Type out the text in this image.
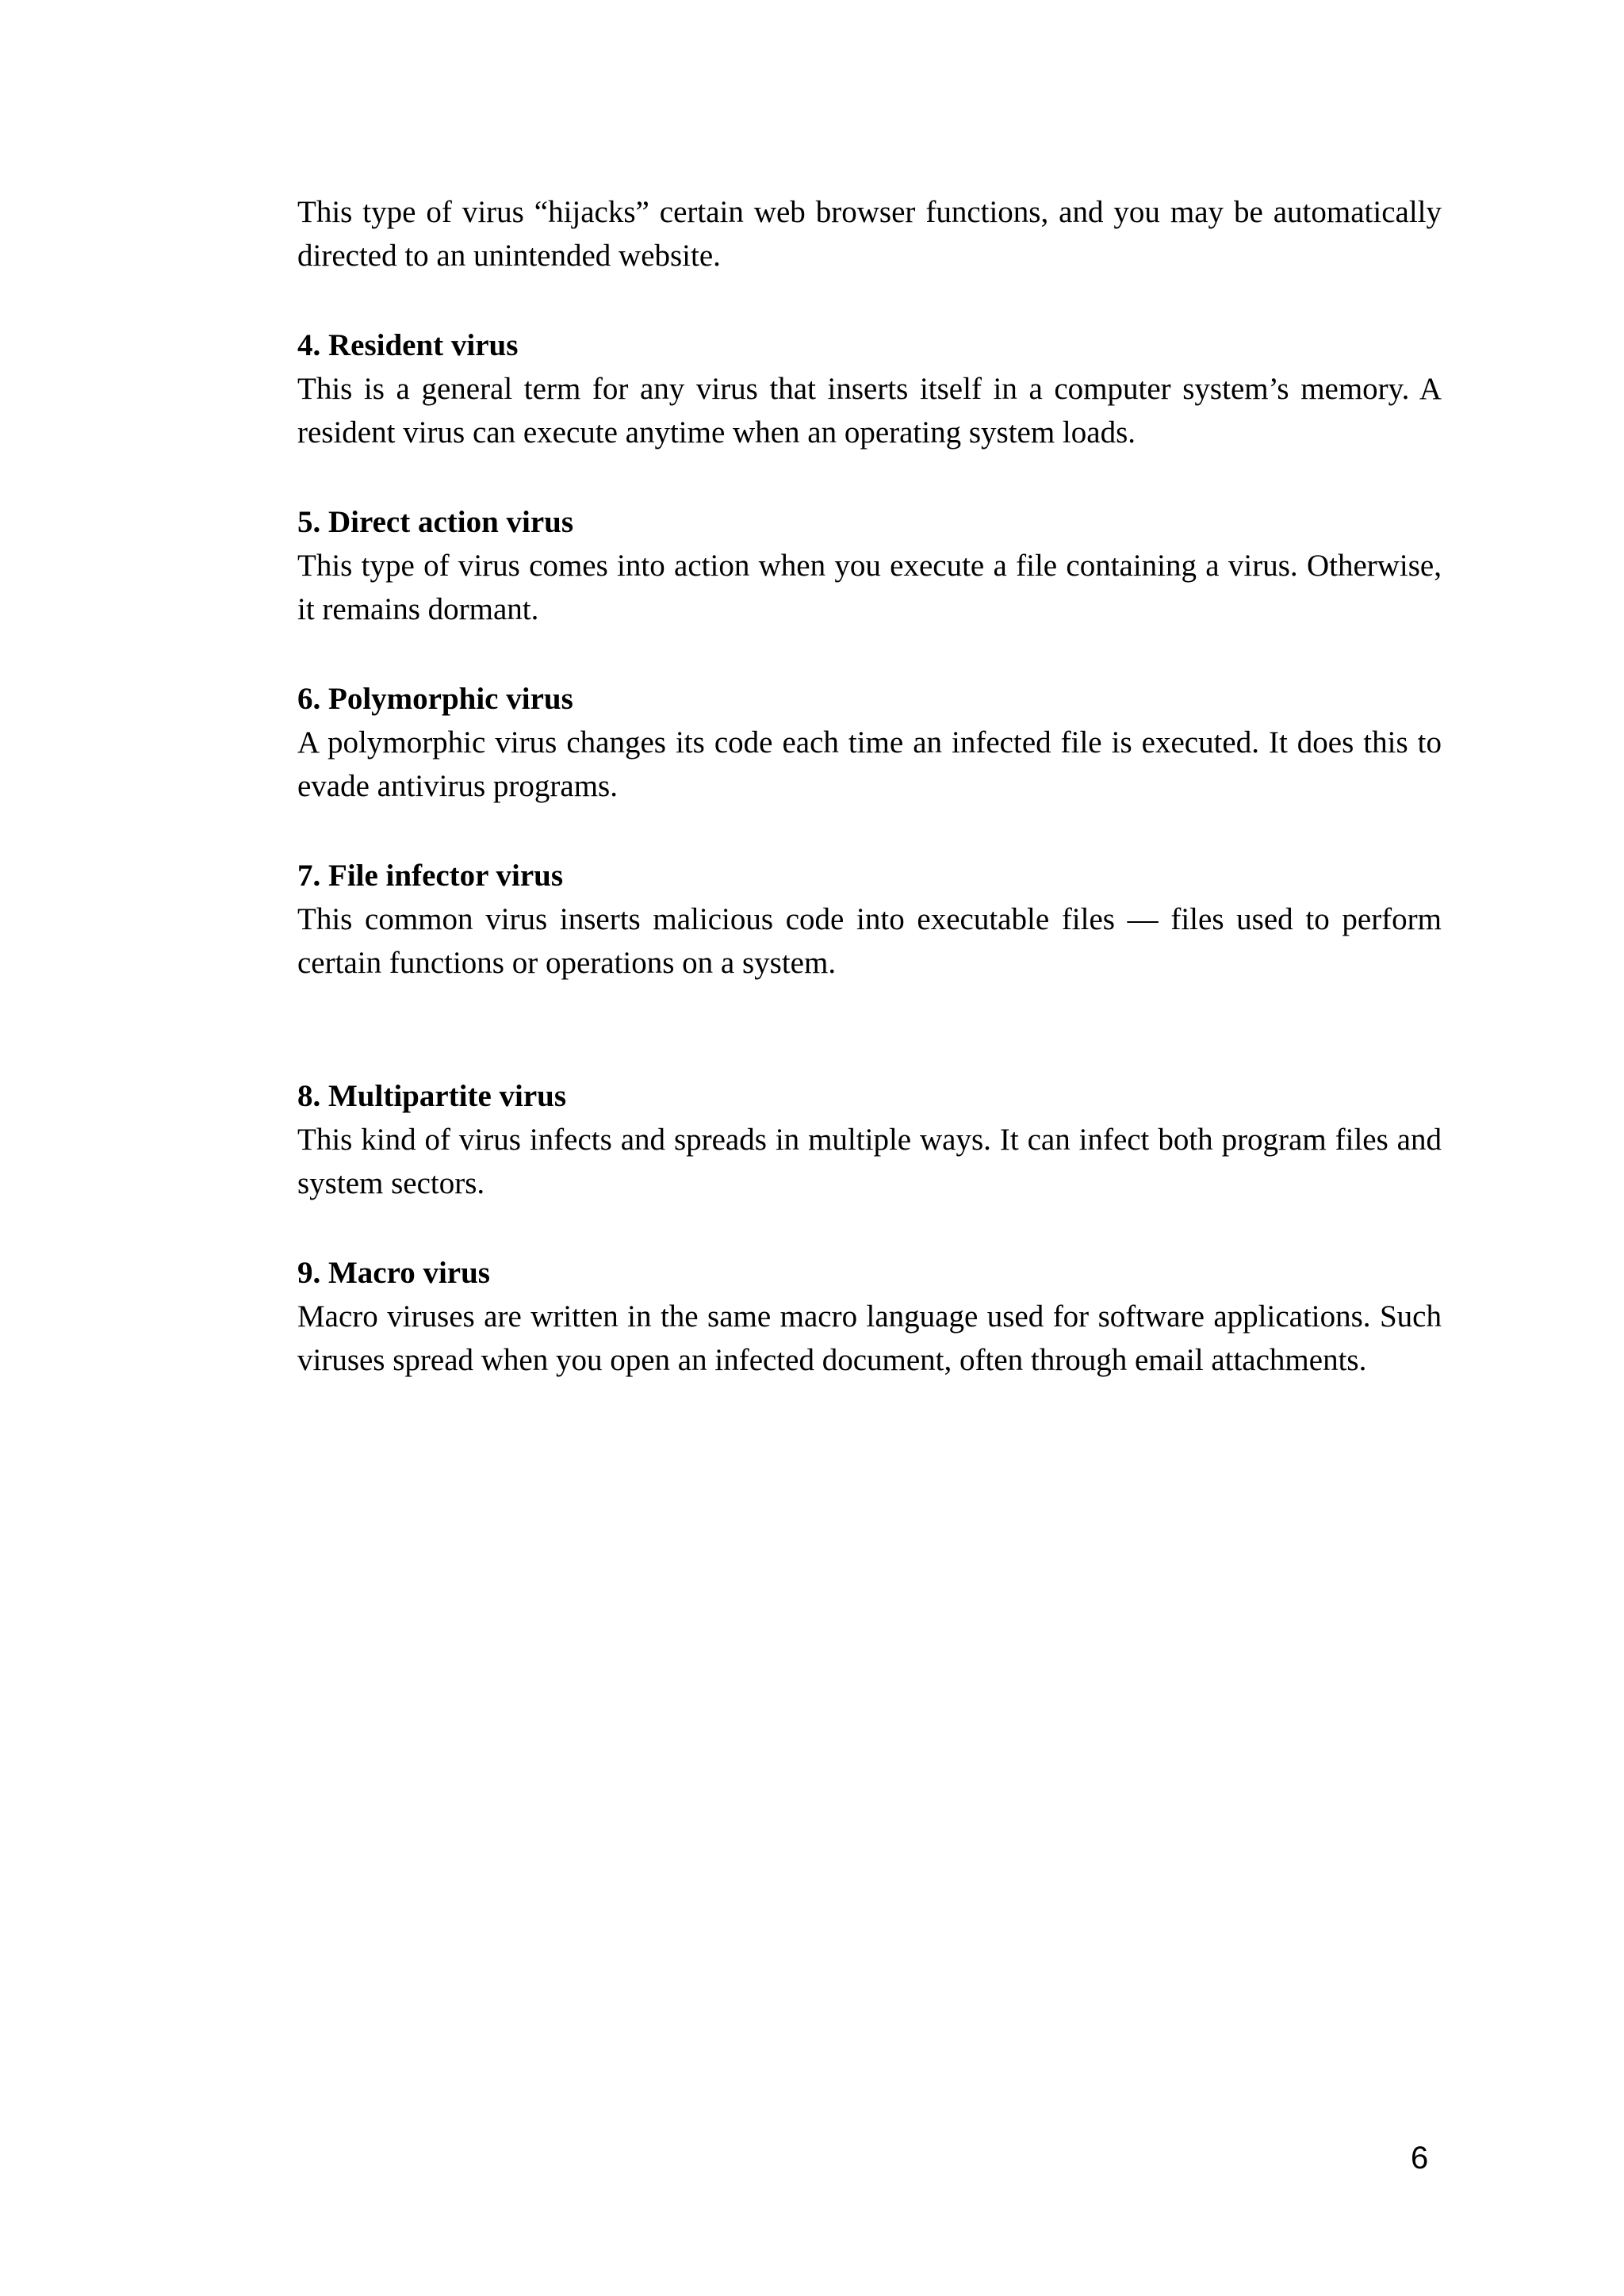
This type of virus “hijacks” certain web browser functions, and you may be automatically directed to an unintended website.

4. Resident virus

This is a general term for any virus that inserts itself in a computer system’s memory. A resident virus can execute anytime when an operating system loads.

5. Direct action virus

This type of virus comes into action when you execute a file containing a virus. Otherwise, it remains dormant.

6. Polymorphic virus

A polymorphic virus changes its code each time an infected file is executed. It does this to evade antivirus programs.

7. File infector virus

This common virus inserts malicious code into executable files — files used to perform certain functions or operations on a system.

8. Multipartite virus

This kind of virus infects and spreads in multiple ways. It can infect both program files and system sectors.

9. Macro virus

Macro viruses are written in the same macro language used for software applications. Such viruses spread when you open an infected document, often through email attachments.

6
